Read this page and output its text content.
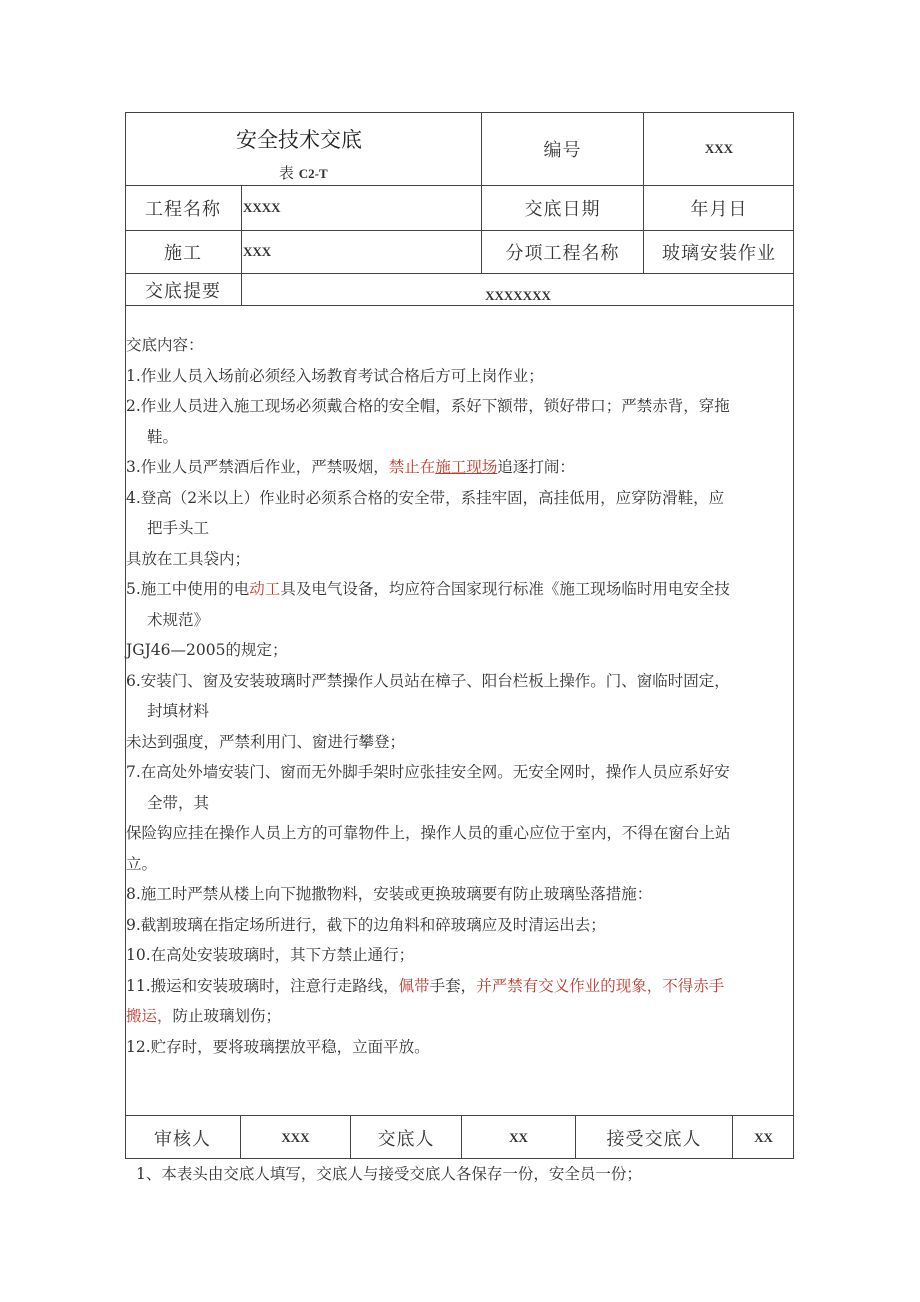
安全技术交底
表 C2-T
编号	XXX
工程名称	XXXX	交底日期	年月日
施工	XXX	分项工程名称	玻璃安装作业
交底提要	XXXXXXX

交底内容：

1.作业人员入场前必须经入场教育考试合格后方可上岗作业；

2.作业人员进入施工现场必须戴合格的安全帽，系好下额带，锁好带口；严禁赤背，穿拖

鞋。

3.作业人员严禁酒后作业，严禁吸烟，禁止在施工现场追逐打闹：

4.登高（2米以上）作业时必须系合格的安全带，系挂牢固，高挂低用，应穿防滑鞋，应

把手头工

具放在工具袋内；

5.施工中使用的电动工具及电气设备，均应符合国家现行标准《施工现场临时用电安全技

术规范》

JGJ46—2005的规定；

6.安装门、窗及安装玻璃时严禁操作人员站在樟子、阳台栏板上操作。门、窗临时固定，

封填材料

未达到强度，严禁利用门、窗进行攀登；

7.在高处外墙安装门、窗而无外脚手架时应张挂安全网。无安全网时，操作人员应系好安

全带，其

保险钩应挂在操作人员上方的可靠物件上，操作人员的重心应位于室内，不得在窗台上站

立。

8.施工时严禁从楼上向下抛撒物料，安装或更换玻璃要有防止玻璃坠落措施：

9.截割玻璃在指定场所进行，截下的边角料和碎玻璃应及时清运出去；

10.在高处安装玻璃时，其下方禁止通行；

11.搬运和安装玻璃时，注意行走路线，佩带手套，并严禁有交义作业的现象，不得赤手

搬运，防止玻璃划伤；

12.贮存时，要将玻璃摆放平稳，立面平放。

审核人	XXX	交底人	XX	接受交底人	XX
1、本表头由交底人填写，交底人与接受交底人各保存一份，安全员一份；
